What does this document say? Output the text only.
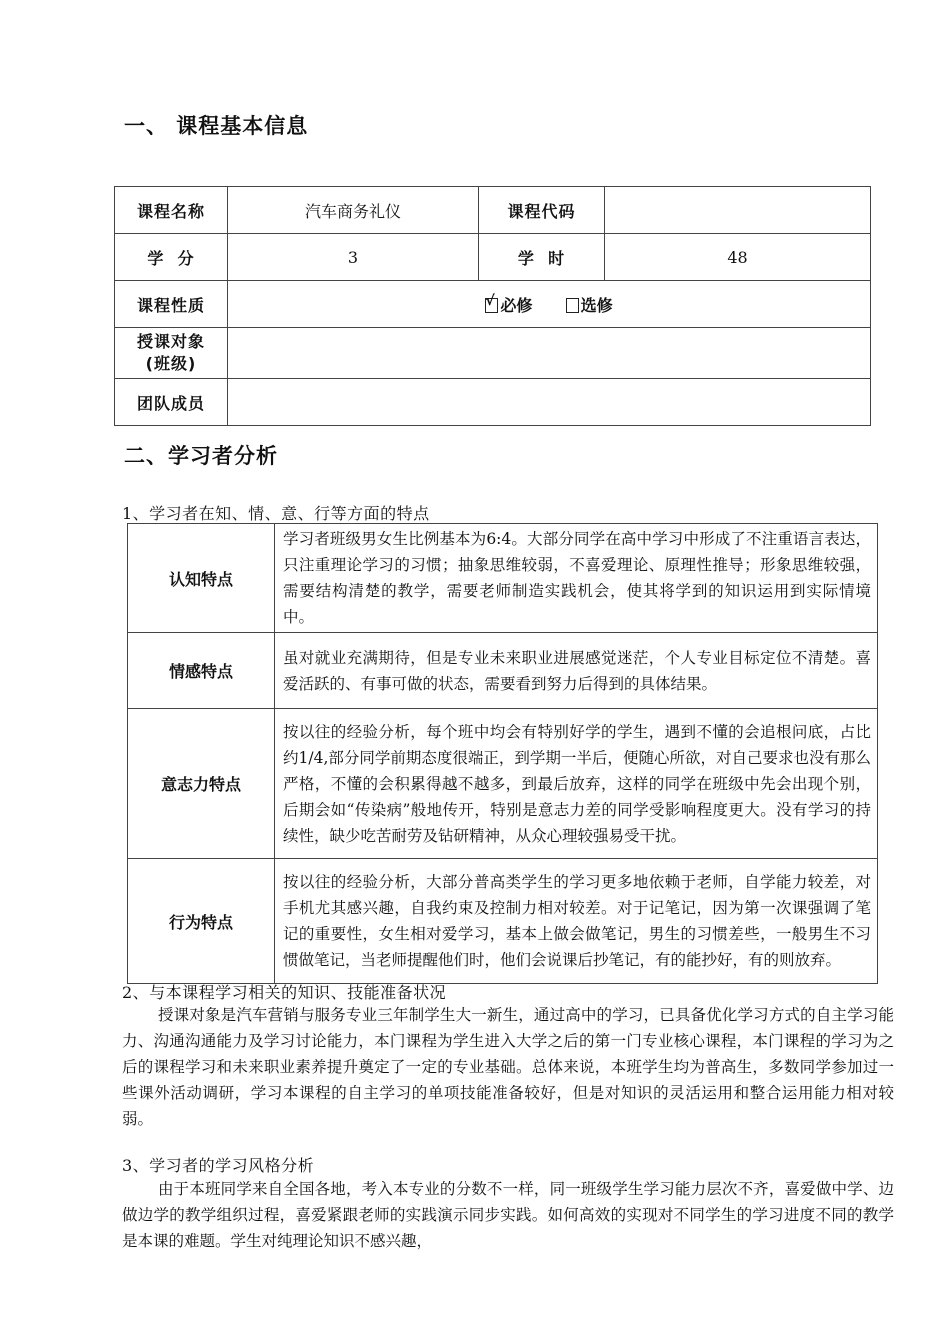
一、 课程基本信息
课程名称	汽车商务礼仪	课程代码	
学  分	3	学  时	48
课程性质	√ 必修 选修		

授课对象
(班级)			

团队成员			
二、学习者分析
1、学习者在知、情、意、行等方面的特点
认知特点	学习者班级男女生比例基本为6:4。大部分同学在高中学习中形成了不注重语言表达，只注重理论学习的习惯；抽象思维较弱，不喜爱理论、原理性推导；形象思维较强，需要结构清楚的教学，需要老师制造实践机会，使其将学到的知识运用到实际情境中。
情感特点	虽对就业充满期待，但是专业未来职业进展感觉迷茫，个人专业目标定位不清楚。喜爱活跃的、有事可做的状态，需要看到努力后得到的具体结果。
意志力特点	按以往的经验分析，每个班中均会有特别好学的学生，遇到不懂的会追根问底，占比约1/4,部分同学前期态度很端正，到学期一半后，便随心所欲，对自己要求也没有那么严格，不懂的会积累得越不越多，到最后放弃，这样的同学在班级中先会出现个别，后期会如“传染病”般地传开，特别是意志力差的同学受影响程度更大。没有学习的持续性，缺少吃苦耐劳及钻研精神，从众心理较强易受干扰。
行为特点	按以往的经验分析，大部分普高类学生的学习更多地依赖于老师，自学能力较差，对手机尤其感兴趣，自我约束及控制力相对较差。对于记笔记，因为第一次课强调了笔记的重要性，女生相对爱学习，基本上做会做笔记，男生的习惯差些，一般男生不习惯做笔记，当老师提醒他们时，他们会说课后抄笔记，有的能抄好，有的则放弃。
2、与本课程学习相关的知识、技能准备状况

授课对象是汽车营销与服务专业三年制学生大一新生，通过高中的学习，已具备优化学习方式的自主学习能力、沟通沟通能力及学习讨论能力，本门课程为学生进入大学之后的第一门专业核心课程，本门课程的学习为之后的课程学习和未来职业素养提升奠定了一定的专业基础。总体来说，本班学生均为普高生，多数同学参加过一些课外活动调研，学习本课程的自主学习的单项技能准备较好，但是对知识的灵活运用和整合运用能力相对较弱。

3、学习者的学习风格分析

由于本班同学来自全国各地，考入本专业的分数不一样，同一班级学生学习能力层次不齐，喜爱做中学、边做边学的教学组织过程，喜爱紧跟老师的实践演示同步实践。如何高效的实现对不同学生的学习进度不同的教学是本课的难题。学生对纯理论知识不感兴趣，
